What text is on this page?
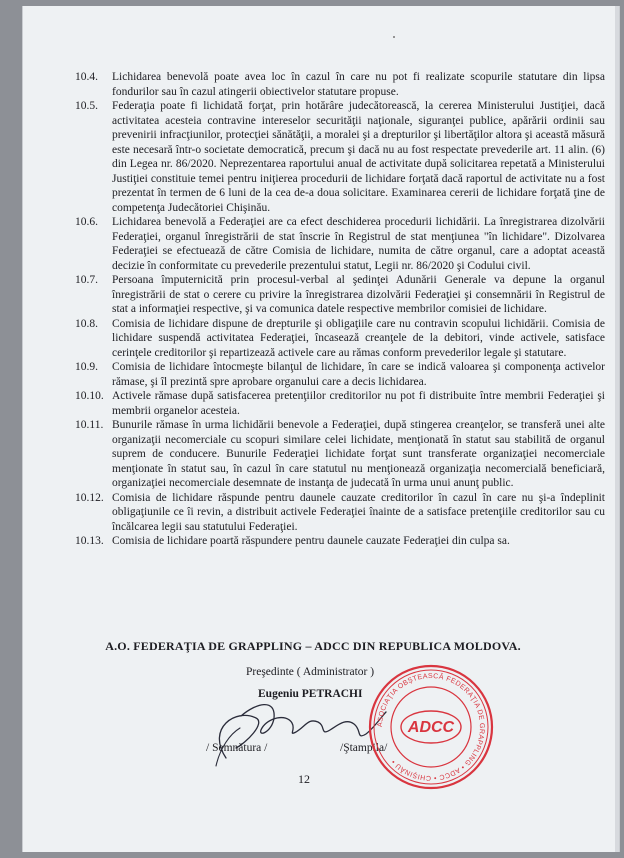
10.4.	Lichidarea benevolă poate avea loc în cazul în care nu pot fi realizate scopurile statutare din lipsa fondurilor sau în cazul atingerii obiectivelor statutare propuse.
10.5.	Federaţia poate fi lichidată forţat, prin hotărâre judecătorească, la cererea Ministerului Justiţiei, dacă activitatea acesteia contravine intereselor securităţii naţionale, siguranţei publice, apărării ordinii sau prevenirii infracţiunilor, protecţiei sănătăţii, a moralei şi a drepturilor şi libertăţilor altora şi această măsură este necesară într-o societate democratică, precum şi dacă nu au fost respectate prevederile art. 11 alin. (6) din Legea nr. 86/2020. Neprezentarea raportului anual de activitate după solicitarea repetată a Ministerului Justiţiei constituie temei pentru iniţierea procedurii de lichidare forţată dacă raportul de activitate nu a fost prezentat în termen de 6 luni de la cea de-a doua solicitare. Examinarea cererii de lichidare forţată ţine de competenţa Judecătoriei Chişinău.
10.6.	Lichidarea benevolă a Federaţiei are ca efect deschiderea procedurii lichidării. La înregistrarea dizolvării Federaţiei, organul înregistrării de stat înscrie în Registrul de stat menţiunea "în lichidare". Dizolvarea Federaţiei se efectuează de către Comisia de lichidare, numita de către organul, care a adoptat această decizie în conformitate cu prevederile prezentului statut, Legii nr. 86/2020 şi Codului civil.
10.7.	Persoana împuternicită prin procesul-verbal al şedinţei Adunării Generale va depune la organul înregistrării de stat o cerere cu privire la înregistrarea dizolvării Federaţiei şi consemnării în Registrul de stat a informaţiei respective, şi va comunica datele respective membrilor comisiei de lichidare.
10.8.	Comisia de lichidare dispune de drepturile şi obligaţiile care nu contravin scopului lichidării. Comisia de lichidare suspendă activitatea Federaţiei, încasează creanţele de la debitori, vinde activele, satisface cerinţele creditorilor şi repartizează activele care au rămas conform prevederilor legale şi statutare.
10.9.	Comisia de lichidare întocmeşte bilanţul de lichidare, în care se indică valoarea şi componenţa activelor rămase, şi îl prezintă spre aprobare organului care a decis lichidarea.
10.10. Activele rămase după satisfacerea pretenţiilor creditorilor nu pot fi distribuite între membrii Federaţiei şi membrii organelor acesteia.
10.11. Bunurile rămase în urma lichidării benevole a Federaţiei, după stingerea creanţelor, se transferă unei alte organizaţii necomerciale cu scopuri similare celei lichidate, menţionată în statut sau stabilită de organul suprem de conducere. Bunurile Federaţiei lichidate forţat sunt transferate organizaţiei necomerciale menţionate în statut sau, în cazul în care statutul nu menţionează organizaţia necomercială beneficiară, organizaţiei necomerciale desemnate de instanţa de judecată în urma unui anunţ public.
10.12. Comisia de lichidare răspunde pentru daunele cauzate creditorilor în cazul în care nu şi-a îndeplinit obligaţiunile ce îi revin, a distribuit activele Federaţiei înainte de a satisface pretenţiile creditorilor sau cu încălcarea legii sau statutului Federaţiei.
10.13. Comisia de lichidare poartă răspundere pentru daunele cauzate Federaţiei din culpa sa.
A.O. FEDERAŢIA DE GRAPPLING – ADCC DIN REPUBLICA MOLDOVA.
Preşedinte ( Administrator )
Eugeniu PETRACHI
/ Semnătura /	/Ştampila/
ASOCIAŢIA OBŞTEASCĂ FEDERAŢIA DE GRAPPLING • ADCC • CHIŞINĂU •
ADCC
12
